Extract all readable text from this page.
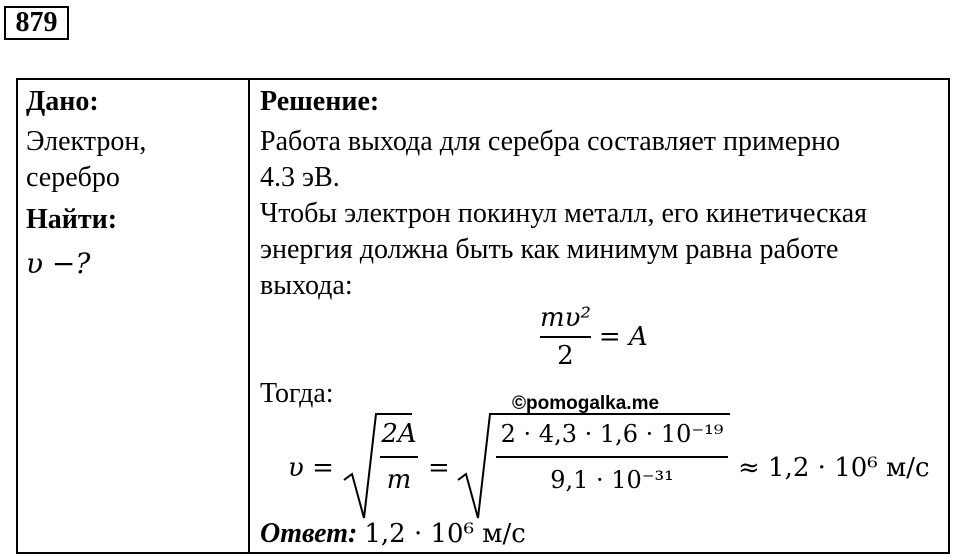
879
Дано:
Электрон,
серебро
Найти:
υ −?
Решение:
Работа выхода для серебра составляет примерно
4.3 эВ.
Чтобы электрон покинул металл, его кинетическая
энергия должна быть как минимум равна работе
выхода:
$\frac{\text{mυ²}}{2} = A$
Тогда:
υ =
2A
m =
2 · 4,3 · 1,6 · 10⁻¹⁹
9,1 · 10⁻³¹ ≈ 1,2 · 10⁶ м/с
Ответ: 1,2 · 10⁶ м/с
©pomogalka.me
